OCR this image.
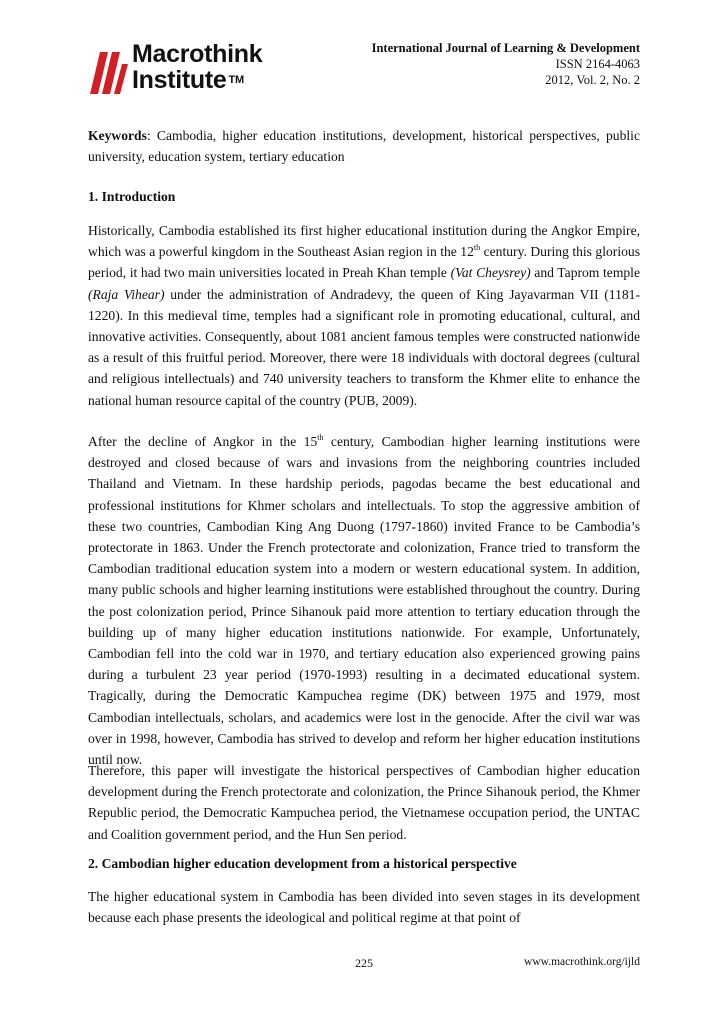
Macrothink
Institute ™
International Journal of Learning & Development
ISSN 2164-4063
2012, Vol. 2, No. 2
Keywords: Cambodia, higher education institutions, development, historical perspectives, public university, education system, tertiary education
1. Introduction
Historically, Cambodia established its first higher educational institution during the Angkor Empire, which was a powerful kingdom in the Southeast Asian region in the 12th century. During this glorious period, it had two main universities located in Preah Khan temple (Vat Cheysrey) and Taprom temple (Raja Vihear) under the administration of Andradevy, the queen of King Jayavarman VII (1181-1220). In this medieval time, temples had a significant role in promoting educational, cultural, and innovative activities. Consequently, about 1081 ancient famous temples were constructed nationwide as a result of this fruitful period. Moreover, there were 18 individuals with doctoral degrees (cultural and religious intellectuals) and 740 university teachers to transform the Khmer elite to enhance the national human resource capital of the country (PUB, 2009).
After the decline of Angkor in the 15th century, Cambodian higher learning institutions were destroyed and closed because of wars and invasions from the neighboring countries included Thailand and Vietnam. In these hardship periods, pagodas became the best educational and professional institutions for Khmer scholars and intellectuals. To stop the aggressive ambition of these two countries, Cambodian King Ang Duong (1797-1860) invited France to be Cambodia’s protectorate in 1863. Under the French protectorate and colonization, France tried to transform the Cambodian traditional education system into a modern or western educational system. In addition, many public schools and higher learning institutions were established throughout the country. During the post colonization period, Prince Sihanouk paid more attention to tertiary education through the building up of many higher education institutions nationwide. For example, Unfortunately, Cambodian fell into the cold war in 1970, and tertiary education also experienced growing pains during a turbulent 23 year period (1970-1993) resulting in a decimated educational system. Tragically, during the Democratic Kampuchea regime (DK) between 1975 and 1979, most Cambodian intellectuals, scholars, and academics were lost in the genocide. After the civil war was over in 1998, however, Cambodia has strived to develop and reform her higher education institutions until now.
Therefore, this paper will investigate the historical perspectives of Cambodian higher education development during the French protectorate and colonization, the Prince Sihanouk period, the Khmer Republic period, the Democratic Kampuchea period, the Vietnamese occupation period, the UNTAC and Coalition government period, and the Hun Sen period.
2. Cambodian higher education development from a historical perspective
The higher educational system in Cambodia has been divided into seven stages in its development because each phase presents the ideological and political regime at that point of
225	www.macrothink.org/ijld
